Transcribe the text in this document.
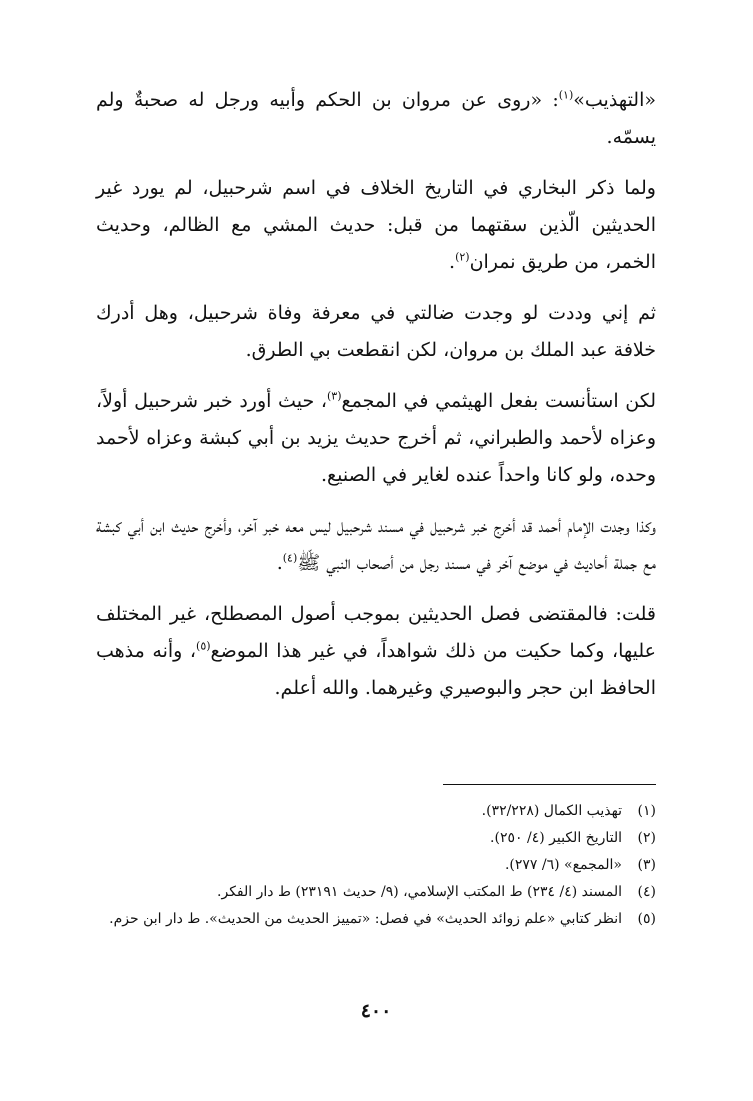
«التهذيب»$^{(١)}$: «روى عن مروان بن الحكم وأبيه ورجل له صحبةٌ ولم يسمّه.

ولما ذكر البخاري في التاريخ الخلاف في اسم شرحبيل، لم يورد غير الحديثين الّذين سقتهما من قبل: حديث المشي مع الظالم، وحديث الخمر، من طريق نمران$^{(٢)}$.

ثم إني وددت لو وجدت ضالتي في معرفة وفاة شرحبيل، وهل أدرك خلافة عبد الملك بن مروان، لكن انقطعت بي الطرق.

لكن استأنست بفعل الهيثمي في المجمع$^{(٣)}$، حيث أورد خبر شرحبيل أولاً، وعزاه لأحمد والطبراني، ثم أخرج حديث يزيد بن أبي كبشة وعزاه لأحمد وحده، ولو كانا واحداً عنده لغاير في الصنيع.

وكذا وجدت الإمام أحمد قد أخرج خبر شرحبيل في مسند شرحبيل ليس معه خبر آخر، وأخرج حديث ابن أبي كبشة مع جملة أحاديث في موضع آخر في مسند رجل من أصحاب النبي ﷺ$^{(٤)}$.

قلت: فالمقتضى فصل الحديثين بموجب أصول المصطلح، غير المختلف عليها، وكما حكيت من ذلك شواهداً، في غير هذا الموضع$^{(٥)}$، وأنه مذهب الحافظ ابن حجر والبوصيري وغيرهما. والله أعلم.

(١)
تهذيب الكمال (٣٢/٢٢٨).
(٢)
التاريخ الكبير (٤/ ٢٥٠).
(٣)
«المجمع» (٦/ ٢٧٧).
(٤)
المسند (٤/ ٢٣٤) ط المكتب الإسلامي، (٩/ حديث ٢٣١٩١) ط دار الفكر.
(٥)
انظر كتابي «علم زوائد الحديث» في فصل: «تمييز الحديث من الحديث». ط دار ابن حزم.
٤٠٠
